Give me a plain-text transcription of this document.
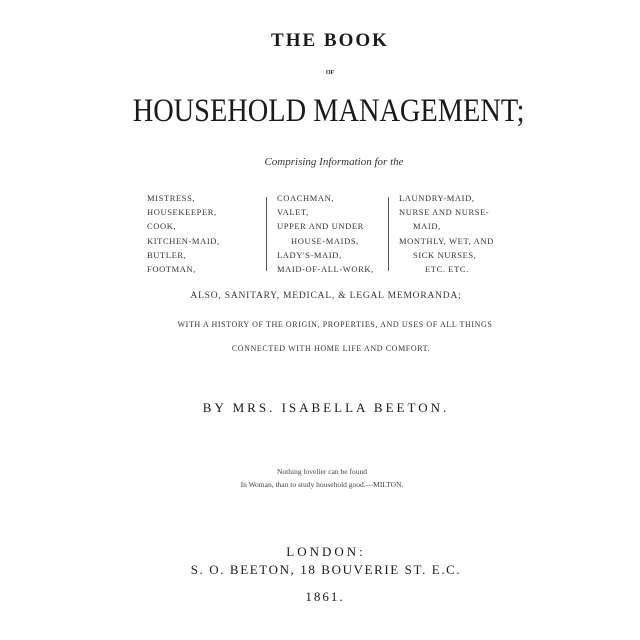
THE BOOK
OF
HOUSEHOLD MANAGEMENT;
Comprising Information for the
MISTRESS,
HOUSEKEEPER,
COOK,
KITCHEN-MAID,
BUTLER,
FOOTMAN,
COACHMAN,
VALET,
UPPER AND UNDER
HOUSE-MAIDS,
LADY'S-MAID,
MAID-OF-ALL-WORK,
LAUNDRY-MAID,
NURSE AND NURSE-
MAID,
MONTHLY, WET, AND
SICK NURSES,
ETC. ETC.
ALSO, SANITARY, MEDICAL, & LEGAL MEMORANDA;
WITH A HISTORY OF THE ORIGIN, PROPERTIES, AND USES OF ALL THINGS
CONNECTED WITH HOME LIFE AND COMFORT.
BY MRS. ISABELLA BEETON.
Nothing lovelier can be found
In Woman, than to study household good.—MILTON.
LONDON:
S. O. BEETON, 18 BOUVERIE ST. E.C.
1861.
